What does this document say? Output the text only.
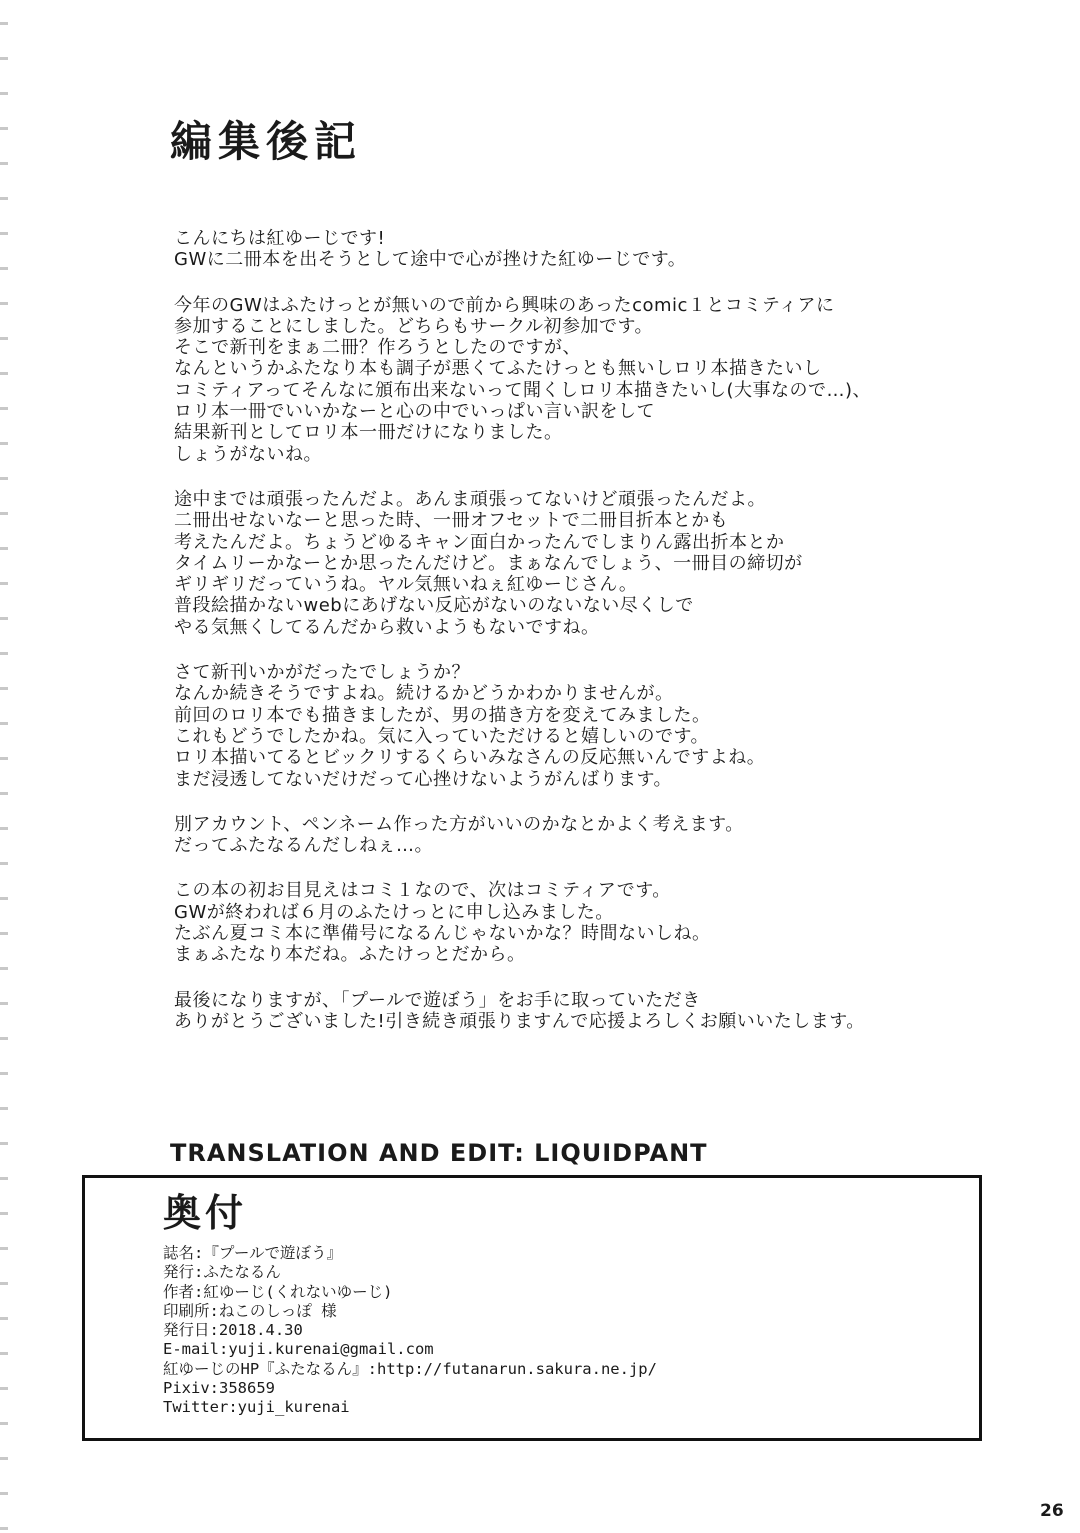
編集後記

こんにちは紅ゆーじです!
GWに二冊本を出そうとして途中で心が挫けた紅ゆーじです。

今年のGWはふたけっとが無いので前から興味のあったcomic１とコミティアに
参加することにしました。どちらもサークル初参加です。
そこで新刊をまぁ二冊？作ろうとしたのですが、
なんというかふたなり本も調子が悪くてふたけっとも無いしロリ本描きたいし
コミティアってそんなに頒布出来ないって聞くしロリ本描きたいし(大事なので…)、
ロリ本一冊でいいかなーと心の中でいっぱい言い訳をして
結果新刊としてロリ本一冊だけになりました。
しょうがないね。

途中までは頑張ったんだよ。あんま頑張ってないけど頑張ったんだよ。
二冊出せないなーと思った時、一冊オフセットで二冊目折本とかも
考えたんだよ。ちょうどゆるキャン面白かったんでしまりん露出折本とか
タイムリーかなーとか思ったんだけど。まぁなんでしょう、一冊目の締切が
ギリギリだっていうね。ヤル気無いねぇ紅ゆーじさん。
普段絵描かないwebにあげない反応がないのないない尽くしで
やる気無くしてるんだから救いようもないですね。

さて新刊いかがだったでしょうか？
なんか続きそうですよね。続けるかどうかわかりませんが。
前回のロリ本でも描きましたが、男の描き方を変えてみました。
これもどうでしたかね。気に入っていただけると嬉しいのです。
ロリ本描いてるとビックリするくらいみなさんの反応無いんですよね。
まだ浸透してないだけだって心挫けないようがんばります。

別アカウント、ペンネーム作った方がいいのかなとかよく考えます。
だってふたなるんだしねぇ…。

この本の初お目見えはコミ１なので、次はコミティアです。
GWが終われば６月のふたけっとに申し込みました。
たぶん夏コミ本に準備号になるんじゃないかな？時間ないしね。
まぁふたなり本だね。ふたけっとだから。

最後になりますが、「プールで遊ぼう」をお手に取っていただき
ありがとうございました!引き続き頑張りますんで応援よろしくお願いいたします。

TRANSLATION AND EDIT: LIQUIDPANT
奥付
誌名:『プールで遊ぼう』
発行:ふたなるん
作者:紅ゆーじ(くれないゆーじ)
印刷所:ねこのしっぽ 様
発行日:2018.4.30
E-mail:yuji.kurenai@gmail.com
紅ゆーじのHP『ふたなるん』:http://futanarun.sakura.ne.jp/
Pixiv:358659
Twitter:yuji_kurenai
26
